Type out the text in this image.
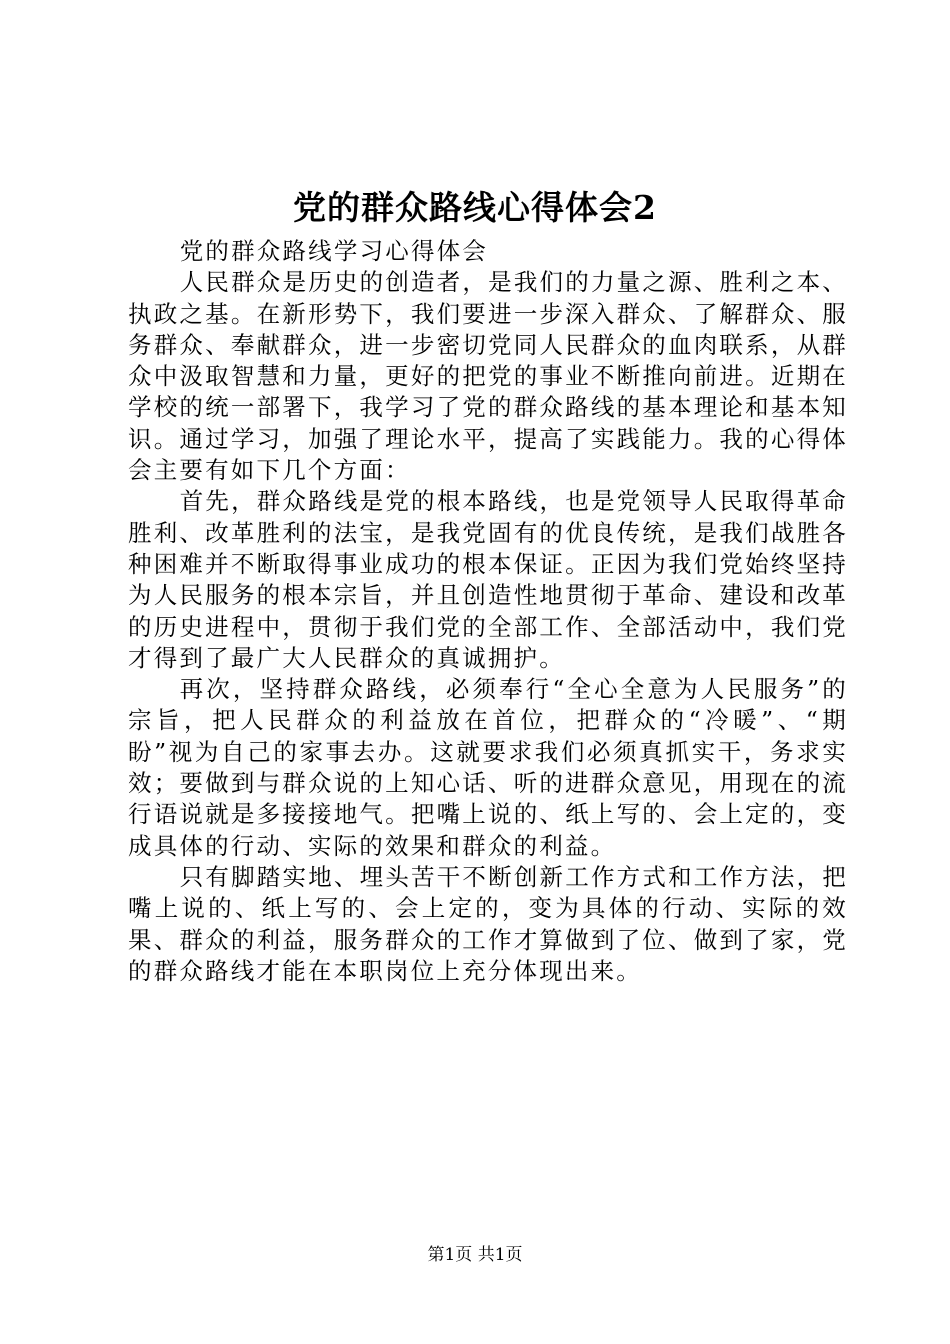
党的群众路线心得体会2

党的群众路线学习心得体会

人民群众是历史的创造者，是我们的力量之源、胜利之本、执政之基。在新形势下，我们要进一步深入群众、了解群众、服务群众、奉献群众，进一步密切党同人民群众的血肉联系，从群众中汲取智慧和力量，更好的把党的事业不断推向前进。近期在学校的统一部署下，我学习了党的群众路线的基本理论和基本知识。通过学习，加强了理论水平，提高了实践能力。我的心得体会主要有如下几个方面：

首先，群众路线是党的根本路线，也是党领导人民取得革命胜利、改革胜利的法宝，是我党固有的优良传统，是我们战胜各种困难并不断取得事业成功的根本保证。正因为我们党始终坚持为人民服务的根本宗旨，并且创造性地贯彻于革命、建设和改革的历史进程中，贯彻于我们党的全部工作、全部活动中，我们党才得到了最广大人民群众的真诚拥护。

再次，坚持群众路线，必须奉行“全心全意为人民服务”的宗旨，把人民群众的利益放在首位，把群众的“冷暖”、“期盼”视为自己的家事去办。这就要求我们必须真抓实干，务求实效；要做到与群众说的上知心话、听的进群众意见，用现在的流行语说就是多接接地气。把嘴上说的、纸上写的、会上定的，变成具体的行动、实际的效果和群众的利益。

只有脚踏实地、埋头苦干不断创新工作方式和工作方法，把嘴上说的、纸上写的、会上定的，变为具体的行动、实际的效果、群众的利益，服务群众的工作才算做到了位、做到了家，党的群众路线才能在本职岗位上充分体现出来。

第1页 共1页
